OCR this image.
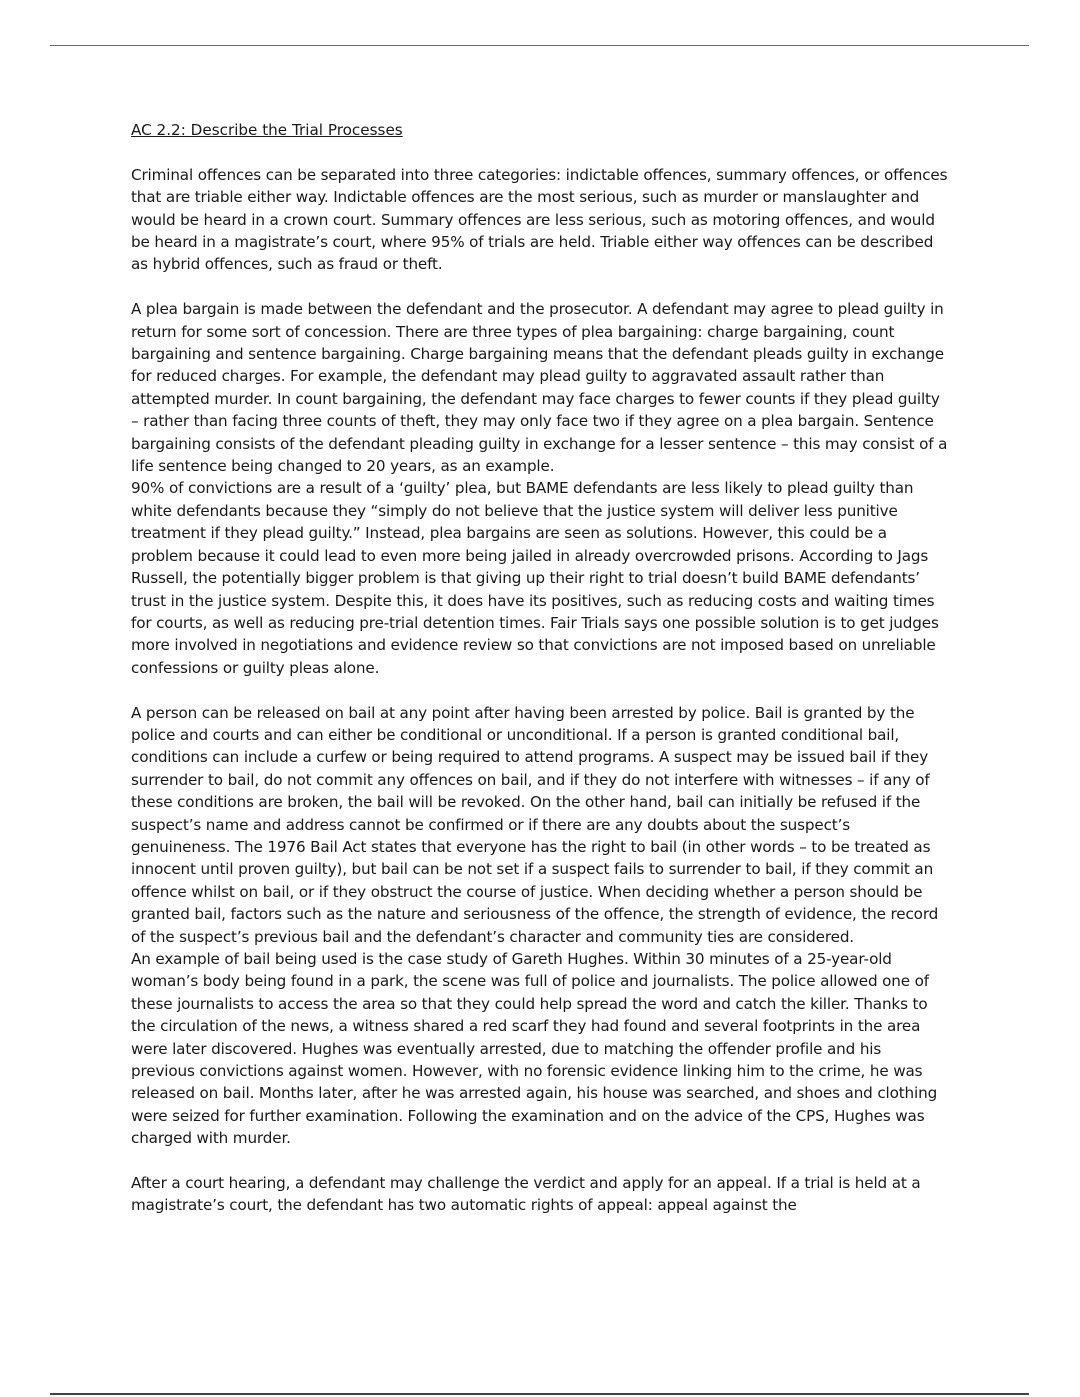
AC 2.2: Describe the Trial Processes

Criminal offences can be separated into three categories: indictable offences, summary offences, or offences that are triable either way. Indictable offences are the most serious, such as murder or manslaughter and would be heard in a crown court. Summary offences are less serious, such as motoring offences, and would be heard in a magistrate’s court, where 95% of trials are held. Triable either way offences can be described as hybrid offences, such as fraud or theft.

A plea bargain is made between the defendant and the prosecutor. A defendant may agree to plead guilty in return for some sort of concession. There are three types of plea bargaining: charge bargaining, count bargaining and sentence bargaining. Charge bargaining means that the defendant pleads guilty in exchange for reduced charges. For example, the defendant may plead guilty to aggravated assault rather than attempted murder. In count bargaining, the defendant may face charges to fewer counts if they plead guilty – rather than facing three counts of theft, they may only face two if they agree on a plea bargain. Sentence bargaining consists of the defendant pleading guilty in exchange for a lesser sentence – this may consist of a life sentence being changed to 20 years, as an example.

90% of convictions are a result of a ‘guilty’ plea, but BAME defendants are less likely to plead guilty than white defendants because they “simply do not believe that the justice system will deliver less punitive treatment if they plead guilty.” Instead, plea bargains are seen as solutions. However, this could be a problem because it could lead to even more being jailed in already overcrowded prisons. According to Jags Russell, the potentially bigger problem is that giving up their right to trial doesn’t build BAME defendants’ trust in the justice system. Despite this, it does have its positives, such as reducing costs and waiting times for courts, as well as reducing pre-trial detention times. Fair Trials says one possible solution is to get judges more involved in negotiations and evidence review so that convictions are not imposed based on unreliable confessions or guilty pleas alone.

A person can be released on bail at any point after having been arrested by police. Bail is granted by the police and courts and can either be conditional or unconditional. If a person is granted conditional bail, conditions can include a curfew or being required to attend programs. A suspect may be issued bail if they surrender to bail, do not commit any offences on bail, and if they do not interfere with witnesses – if any of these conditions are broken, the bail will be revoked. On the other hand, bail can initially be refused if the suspect’s name and address cannot be confirmed or if there are any doubts about the suspect’s genuineness. The 1976 Bail Act states that everyone has the right to bail (in other words – to be treated as innocent until proven guilty), but bail can be not set if a suspect fails to surrender to bail, if they commit an offence whilst on bail, or if they obstruct the course of justice. When deciding whether a person should be granted bail, factors such as the nature and seriousness of the offence, the strength of evidence, the record of the suspect’s previous bail and the defendant’s character and community ties are considered.

An example of bail being used is the case study of Gareth Hughes. Within 30 minutes of a 25-year-old woman’s body being found in a park, the scene was full of police and journalists. The police allowed one of these journalists to access the area so that they could help spread the word and catch the killer. Thanks to the circulation of the news, a witness shared a red scarf they had found and several footprints in the area were later discovered. Hughes was eventually arrested, due to matching the offender profile and his previous convictions against women. However, with no forensic evidence linking him to the crime, he was released on bail. Months later, after he was arrested again, his house was searched, and shoes and clothing were seized for further examination. Following the examination and on the advice of the CPS, Hughes was charged with murder.

After a court hearing, a defendant may challenge the verdict and apply for an appeal. If a trial is held at a magistrate’s court, the defendant has two automatic rights of appeal: appeal against the
